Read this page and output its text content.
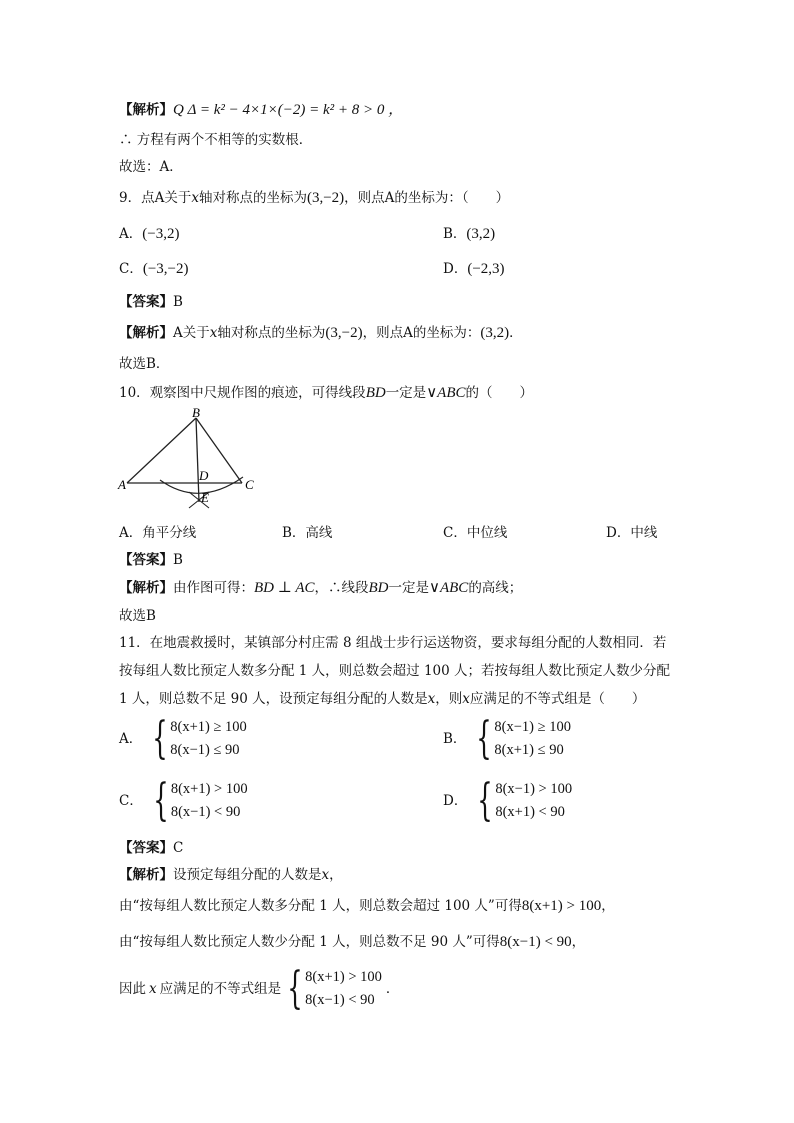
【解析】Q Δ = k² − 4×1×(−2) = k² + 8 > 0 ，
∴ 方程有两个不相等的实数根．
故选：A．
9．点A关于x轴对称点的坐标为(3,−2)，则点A的坐标为：（　　）
A．(−3,2)	B．(3,2)
C．(−3,−2)	D．(−2,3)
【答案】B
【解析】A关于x轴对称点的坐标为(3,−2)，则点A的坐标为：(3,2)．
故选B．
10．观察图中尺规作图的痕迹，可得线段BD一定是∨ABC的（　　）
B
A	C
D
E
A．角平分线	B．高线	C．中位线	D．中线
【答案】B
【解析】由作图可得：BD ⊥ AC，∴线段BD一定是∨ABC的高线；
故选B
11．在地震救援时，某镇部分村庄需 8 组战士步行运送物资，要求每组分配的人数相同．若
按每组人数比预定人数多分配 1 人，则总数会超过 100 人；若按每组人数比预定人数少分配
1 人，则总数不足 90 人，设预定每组分配的人数是x，则x应满足的不等式组是（　　）
A． { 8(x+1) ≥ 100
8(x−1) ≤ 90
B． { 8(x−1) ≥ 100
8(x+1) ≤ 90
C． { 8(x+1) > 100
8(x−1) < 90
D． { 8(x−1) > 100
8(x+1) < 90
【答案】C
【解析】设预定每组分配的人数是x，
由“按每组人数比预定人数多分配 1 人，则总数会超过 100 人”可得8(x+1) > 100，
由“按每组人数比预定人数少分配 1 人，则总数不足 90 人”可得8(x−1) < 90，
因此 x 应满足的不等式组是 { 8(x+1) > 100
8(x−1) < 90
．
